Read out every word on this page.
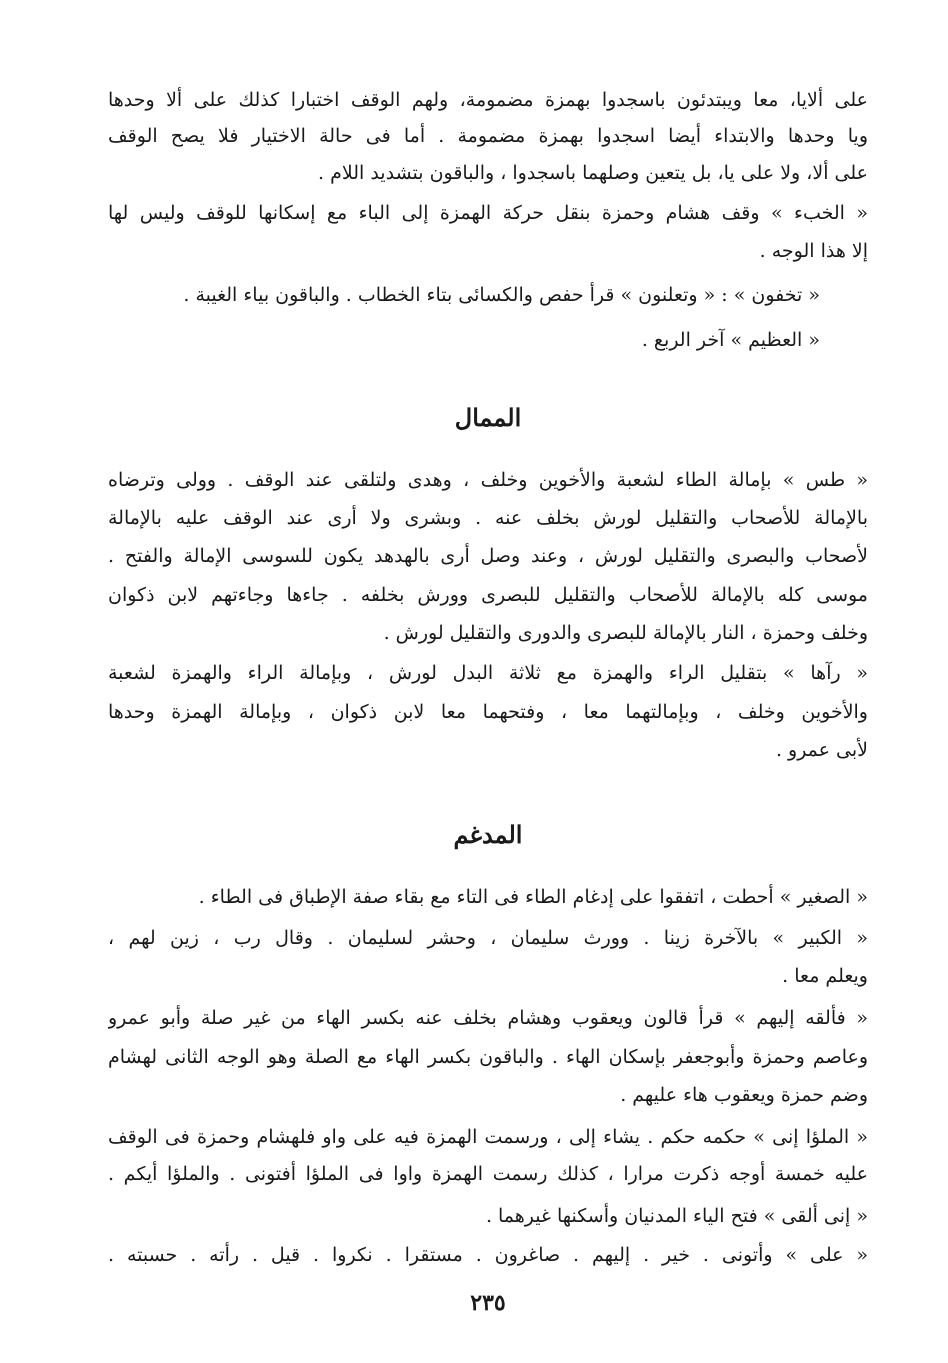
على ألايا، معا ويبتدئون باسجدوا بهمزة مضمومة، ولهم الوقف اختبارا كذلك على ألا وحدها
ويا وحدها والابتداء أيضا اسجدوا بهمزة مضمومة . أما فى حالة الاختيار فلا يصح الوقف
على ألا، ولا على يا، بل يتعين وصلهما باسجدوا ، والباقون بتشديد اللام .
« الخبء » وقف هشام وحمزة بنقل حركة الهمزة إلى الباء مع إسكانها للوقف وليس لها
إلا هذا الوجه .
« تخفون » : « وتعلنون » قرأ حفص والكسائى بتاء الخطاب . والباقون بياء الغيبة .
« العظيم » آخر الربع .
الممال
« طس » بإمالة الطاء لشعبة والأخوين وخلف ، وهدى ولتلقى عند الوقف . وولى وترضاه
بالإمالة للأصحاب والتقليل لورش بخلف عنه . وبشرى ولا أرى عند الوقف عليه بالإمالة
لأصحاب والبصرى والتقليل لورش ، وعند وصل أرى بالهدهد يكون للسوسى الإمالة والفتح .
موسى كله بالإمالة للأصحاب والتقليل للبصرى وورش بخلفه . جاءها وجاءتهم لابن ذكوان
وخلف وحمزة ، النار بالإمالة للبصرى والدورى والتقليل لورش .
« رآها » بتقليل الراء والهمزة مع ثلاثة البدل لورش ، وبإمالة الراء والهمزة لشعبة
والأخوين وخلف ، وبإمالتهما معا ، وفتحهما معا لابن ذكوان ، وبإمالة الهمزة وحدها
لأبى عمرو .
المدغم
« الصغير » أحطت ، اتفقوا على إدغام الطاء فى التاء مع بقاء صفة الإطباق فى الطاء .
« الكبير » بالآخرة زينا . وورث سليمان ، وحشر لسليمان . وقال رب ، زين لهم ،
ويعلم معا .
« فألقه إليهم » قرأ قالون ويعقوب وهشام بخلف عنه بكسر الهاء من غير صلة وأبو عمرو
وعاصم وحمزة وأبوجعفر بإسكان الهاء . والباقون بكسر الهاء مع الصلة وهو الوجه الثانى لهشام
وضم حمزة ويعقوب هاء عليهم .
« الملؤا إنى » حكمه حكم . يشاء إلى ، ورسمت الهمزة فيه على واو فلهشام وحمزة فى الوقف
عليه خمسة أوجه ذكرت مرارا ، كذلك رسمت الهمزة واوا فى الملؤا أفتونى . والملؤا أيكم .
« إنى ألقى » فتح الياء المدنيان وأسكنها غيرهما .
« على » وأتونى . خير . إليهم . صاغرون . مستقرا . نكروا . قيل . رأته . حسبته .
٢٣٥
